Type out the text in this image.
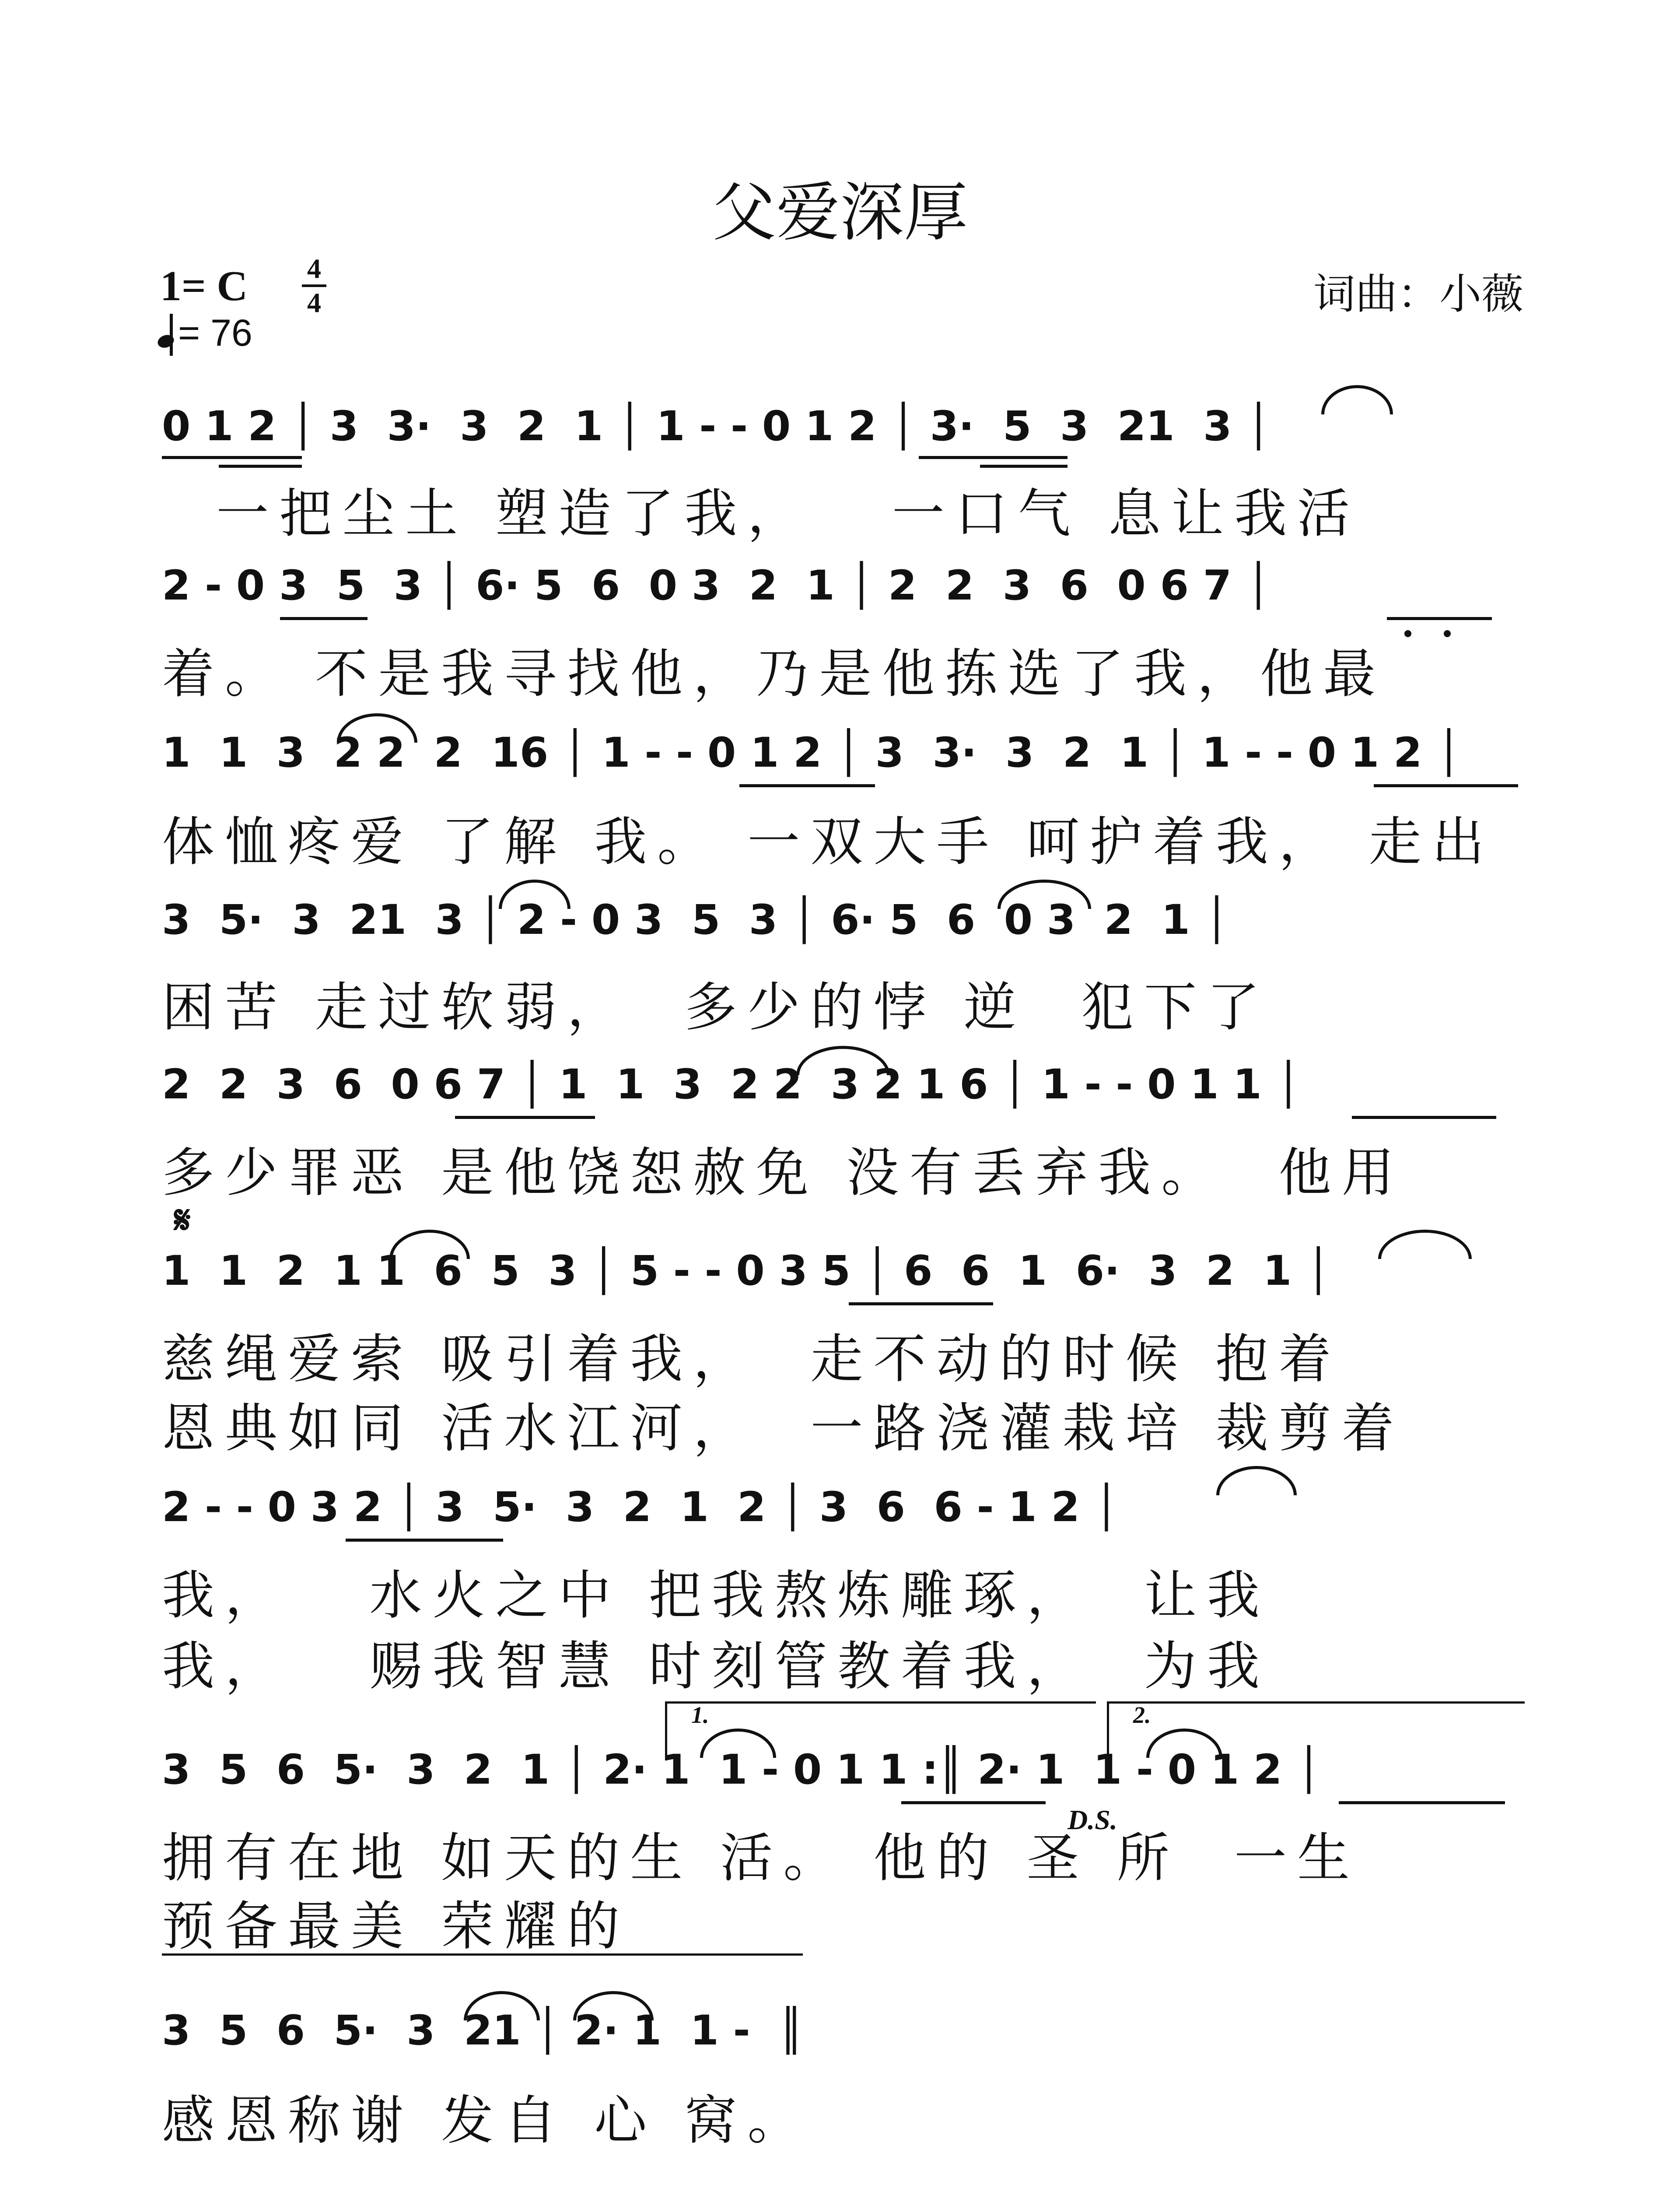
父爱深厚
1= C 4
4
= 76
词曲：小薇
0 1 2 │ 3  3·  3  2  1 │ 1 - - 0 1 2 │ 3·  5  3  21  3 │
一把尘土 塑造了我，   一口气 息让我活
2 - 0 3  5  3 │ 6· 5  6  0 3  2  1 │ 2  2  3  6  0 6 7 │
着。 不是我寻找他，乃是他拣选了我，他最
1  1  3  2 2  2  16 │ 1 - - 0 1 2 │ 3  3·  3  2  1 │ 1 - - 0 1 2 │
体恤疼爱 了解 我。 一双大手 呵护着我， 走出
3  5·  3  21  3 │ 2 - 0 3  5  3 │ 6· 5  6  0 3  2  1 │
困苦 走过软弱，  多少的悖 逆  犯下了
2  2  3  6  0 6 7 │ 1  1  3  2 2  3 2 1 6 │ 1 - - 0 1 1 │
多少罪恶 是他饶恕赦免 没有丢弃我。  他用
𝄋
1  1  2  1 1  6  5  3 │ 5 - - 0 3 5 │ 6  6  1  6·  3  2  1 │
慈绳爱索 吸引着我，  走不动的时候 抱着
恩典如同 活水江河，  一路浇灌栽培 裁剪着
2 - - 0 3 2 │ 3  5·  3  2  1  2 │ 3  6  6 - 1 2 │
我，   水火之中 把我熬炼雕琢，  让我
我，   赐我智慧 时刻管教着我，  为我
1.	2.
3  5  6  5·  3  2  1 │ 2· 1  1 - 0 1 1 :║ 2· 1  1 - 0 1 2 │
D.S.
拥有在地 如天的生 活。 他的 圣 所  一生
预备最美 荣耀的
3  5  6  5·  3  21 │ 2· 1  1 -  ║
感恩称谢 发自 心 窝。
